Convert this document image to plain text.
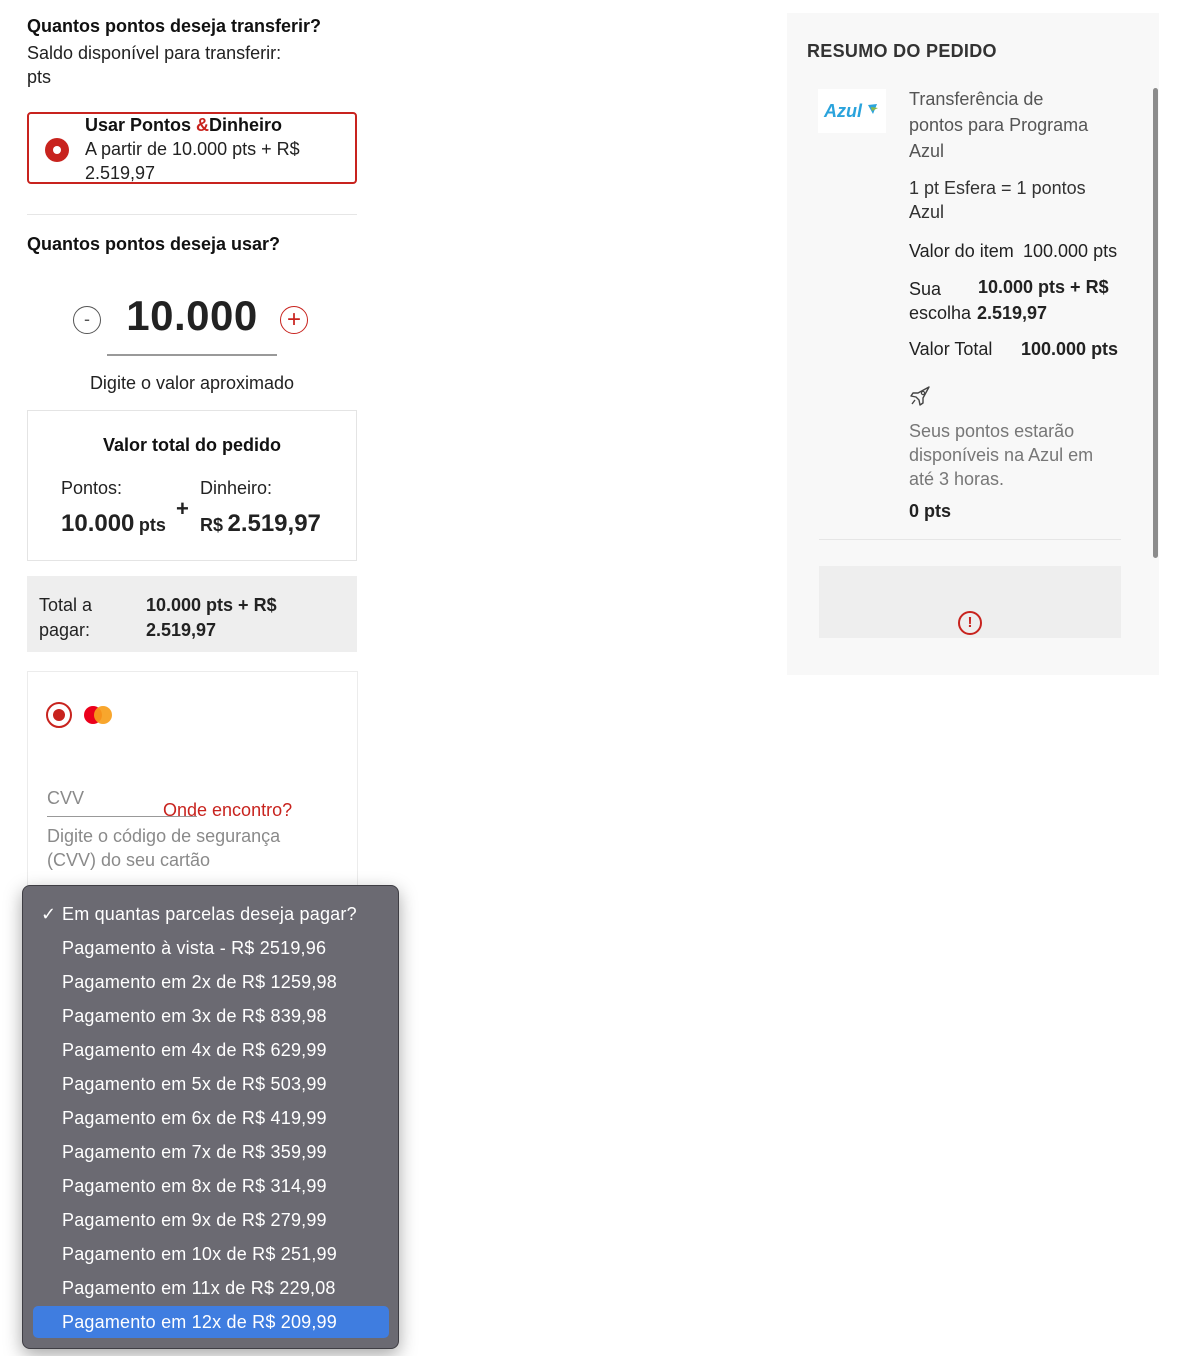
Quantos pontos deseja transferir?
Saldo disponível para transferir:
pts
Usar Pontos &Dinheiro
A partir de 10.000 pts + R$
2.519,97
Quantos pontos deseja usar?
- 10.000	+
Digite o valor aproximado
Valor total do pedido
Pontos:
10.000 pts
+
Dinheiro:
R$ 2.519,97
Total a
pagar:
10.000 pts + R$
2.519,97
CVV
Onde encontro?
Digite o código de segurança
(CVV) do seu cartão
✓ Em quantas parcelas deseja pagar?
Pagamento à vista - R$ 2519,96
Pagamento em 2x de R$ 1259,98
Pagamento em 3x de R$ 839,98
Pagamento em 4x de R$ 629,99
Pagamento em 5x de R$ 503,99
Pagamento em 6x de R$ 419,99
Pagamento em 7x de R$ 359,99
Pagamento em 8x de R$ 314,99
Pagamento em 9x de R$ 279,99
Pagamento em 10x de R$ 251,99
Pagamento em 11x de R$ 229,08
Pagamento em 12x de R$ 209,99
RESUMO DO PEDIDO
Azul
Transferência de
pontos para Programa
Azul
1 pt Esfera = 1 pontos
Azul
Valor do item 100.000 pts
Sua
escolha
10.000 pts + R$
2.519,97
Valor Total 100.000 pts
Seus pontos estarão
disponíveis na Azul em
até 3 horas.
0 pts
!
